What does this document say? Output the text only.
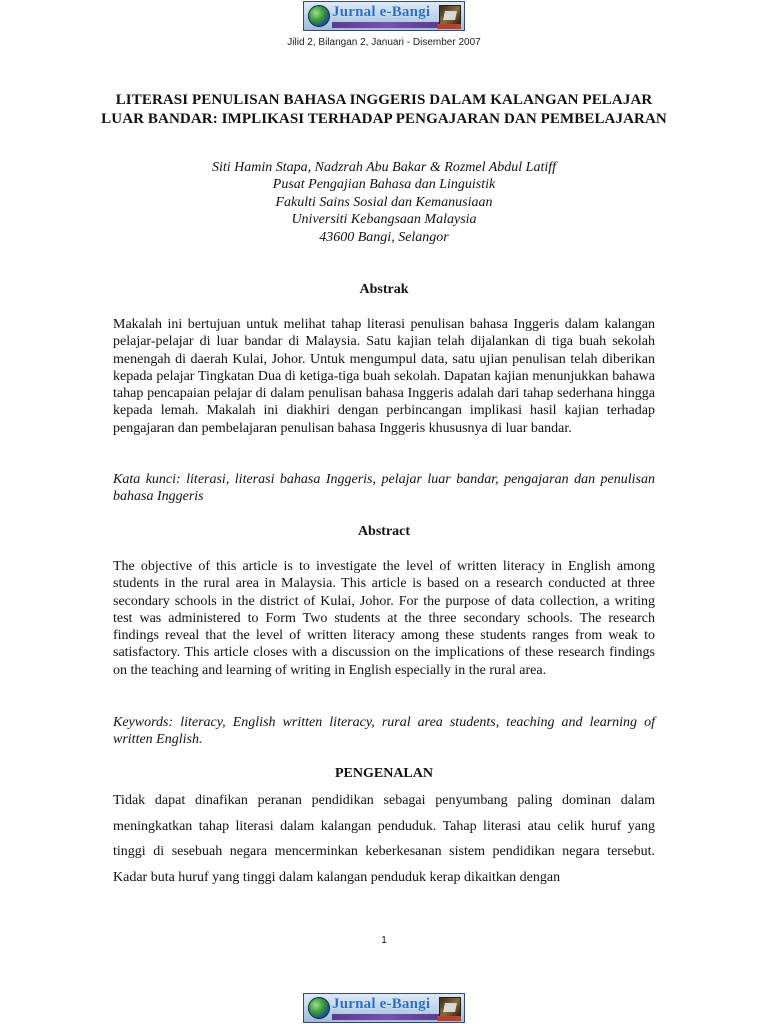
Jurnal e-Bangi
Jilid 2, Bilangan 2, Januari - Disember 2007
LITERASI PENULISAN BAHASA INGGERIS DALAM KALANGAN PELAJAR LUAR BANDAR: IMPLIKASI TERHADAP PENGAJARAN DAN PEMBELAJARAN
Siti Hamin Stapa, Nadzrah Abu Bakar & Rozmel Abdul Latiff
Pusat Pengajian Bahasa dan Linguistik
Fakulti Sains Sosial dan Kemanusiaan
Universiti Kebangsaan Malaysia
43600 Bangi, Selangor
Abstrak

Makalah ini bertujuan untuk melihat tahap literasi penulisan bahasa Inggeris dalam kalangan pelajar-pelajar di luar bandar di Malaysia. Satu kajian telah dijalankan di tiga buah sekolah menengah di daerah Kulai, Johor. Untuk mengumpul data, satu ujian penulisan telah diberikan kepada pelajar Tingkatan Dua di ketiga-tiga buah sekolah. Dapatan kajian menunjukkan bahawa tahap pencapaian pelajar di dalam penulisan bahasa Inggeris adalah dari tahap sederhana hingga kepada lemah. Makalah ini diakhiri dengan perbincangan implikasi hasil kajian terhadap pengajaran dan pembelajaran penulisan bahasa Inggeris khususnya di luar bandar.

Kata kunci: literasi, literasi bahasa Inggeris, pelajar luar bandar, pengajaran dan penulisan bahasa Inggeris

Abstract

The objective of this article is to investigate the level of written literacy in English among students in the rural area in Malaysia. This article is based on a research conducted at three secondary schools in the district of Kulai, Johor. For the purpose of data collection, a writing test was administered to Form Two students at the three secondary schools. The research findings reveal that the level of written literacy among these students ranges from weak to satisfactory. This article closes with a discussion on the implications of these research findings on the teaching and learning of writing in English especially in the rural area.

Keywords: literacy, English written literacy, rural area students, teaching and learning of written English.

PENGENALAN

Tidak dapat dinafikan peranan pendidikan sebagai penyumbang paling dominan dalam meningkatkan tahap literasi dalam kalangan penduduk. Tahap literasi atau celik huruf yang tinggi di sesebuah negara mencerminkan keberkesanan sistem pendidikan negara tersebut. Kadar buta huruf yang tinggi dalam kalangan penduduk kerap dikaitkan dengan

1
Jurnal e-Bangi
